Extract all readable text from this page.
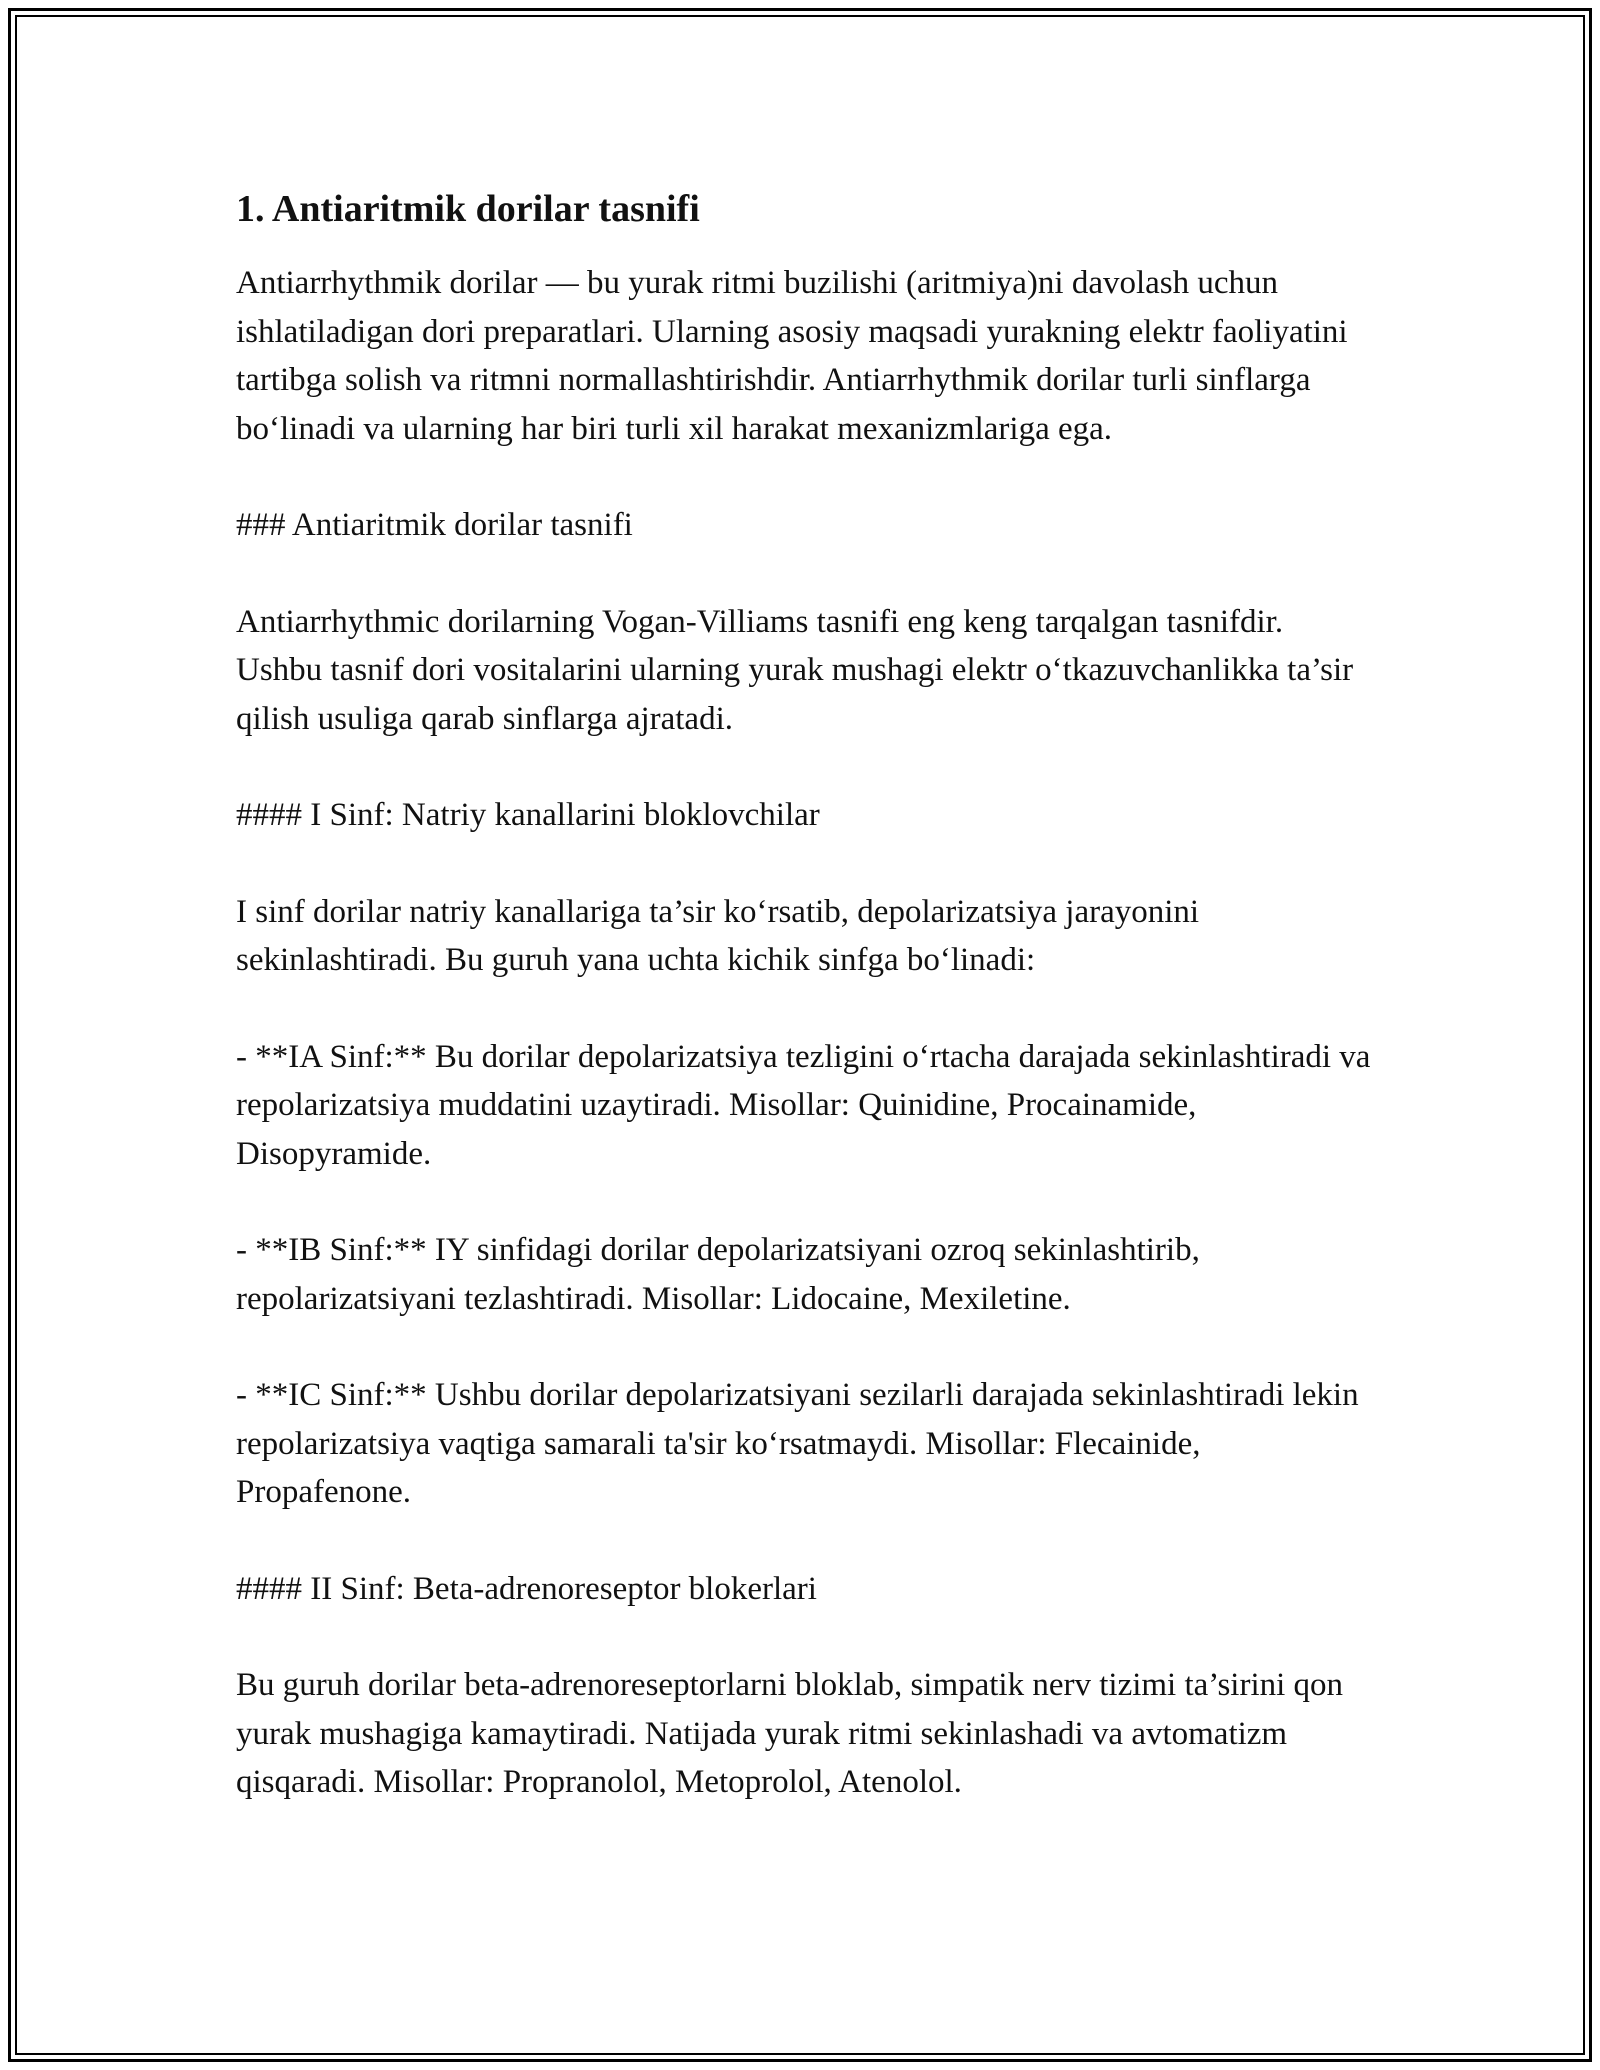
1. Antiaritmik dorilar tasnifi

Antiarrhythmik dorilar — bu yurak ritmi buzilishi (aritmiya)ni davolash uchun ishlatiladigan dori preparatlari. Ularning asosiy maqsadi yurakning elektr faoliyatini tartibga solish va ritmni normallashtirishdir. Antiarrhythmik dorilar turli sinflarga bo‘linadi va ularning har biri turli xil harakat mexanizmlariga ega.

### Antiaritmik dorilar tasnifi

Antiarrhythmic dorilarning Vogan-Villiams tasnifi eng keng tarqalgan tasnifdir. Ushbu tasnif dori vositalarini ularning yurak mushagi elektr o‘tkazuvchanlikka ta’sir qilish usuliga qarab sinflarga ajratadi.

#### I Sinf: Natriy kanallarini bloklovchilar

I sinf dorilar natriy kanallariga ta’sir ko‘rsatib, depolarizatsiya jarayonini sekinlashtiradi. Bu guruh yana uchta kichik sinfga bo‘linadi:

- **IA Sinf:** Bu dorilar depolarizatsiya tezligini o‘rtacha darajada sekinlashtiradi va repolarizatsiya muddatini uzaytiradi. Misollar: Quinidine, Procainamide, Disopyramide.

- **IB Sinf:** IY sinfidagi dorilar depolarizatsiyani ozroq sekinlashtirib, repolarizatsiyani tezlashtiradi. Misollar: Lidocaine, Mexiletine.

- **IC Sinf:** Ushbu dorilar depolarizatsiyani sezilarli darajada sekinlashtiradi lekin repolarizatsiya vaqtiga samarali ta'sir ko‘rsatmaydi. Misollar: Flecainide, Propafenone.

#### II Sinf: Beta-adrenoreseptor blokerlari

Bu guruh dorilar beta-adrenoreseptorlarni bloklab, simpatik nerv tizimi ta’sirini qon yurak mushagiga kamaytiradi. Natijada yurak ritmi sekinlashadi va avtomatizm qisqaradi. Misollar: Propranolol, Metoprolol, Atenolol.
